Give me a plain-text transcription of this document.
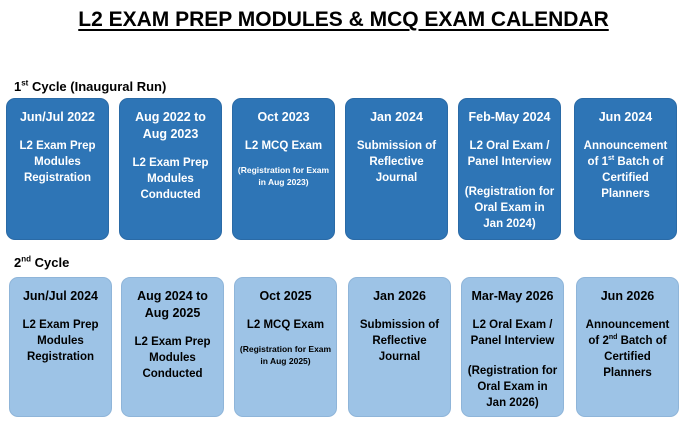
L2 EXAM PREP MODULES & MCQ EXAM CALENDAR
1st Cycle (Inaugural Run)
Jun/Jul 2022
L2 Exam Prep Modules Registration
Aug 2022 to Aug 2023
L2 Exam Prep Modules Conducted
Oct 2023
L2 MCQ Exam
(Registration for Exam in Aug 2023)
Jan 2024
Submission of Reflective Journal
Feb-May 2024
L2 Oral Exam / Panel Interview
(Registration for Oral Exam in Jan 2024)
Jun 2024
Announcement of 1st Batch of Certified Planners
2nd Cycle
Jun/Jul 2024
L2 Exam Prep Modules Registration
Aug 2024 to Aug 2025
L2 Exam Prep Modules Conducted
Oct 2025
L2 MCQ Exam
(Registration for Exam in Aug 2025)
Jan 2026
Submission of Reflective Journal
Mar-May 2026
L2 Oral Exam / Panel Interview
(Registration for Oral Exam in Jan 2026)
Jun 2026
Announcement of 2nd Batch of Certified Planners
